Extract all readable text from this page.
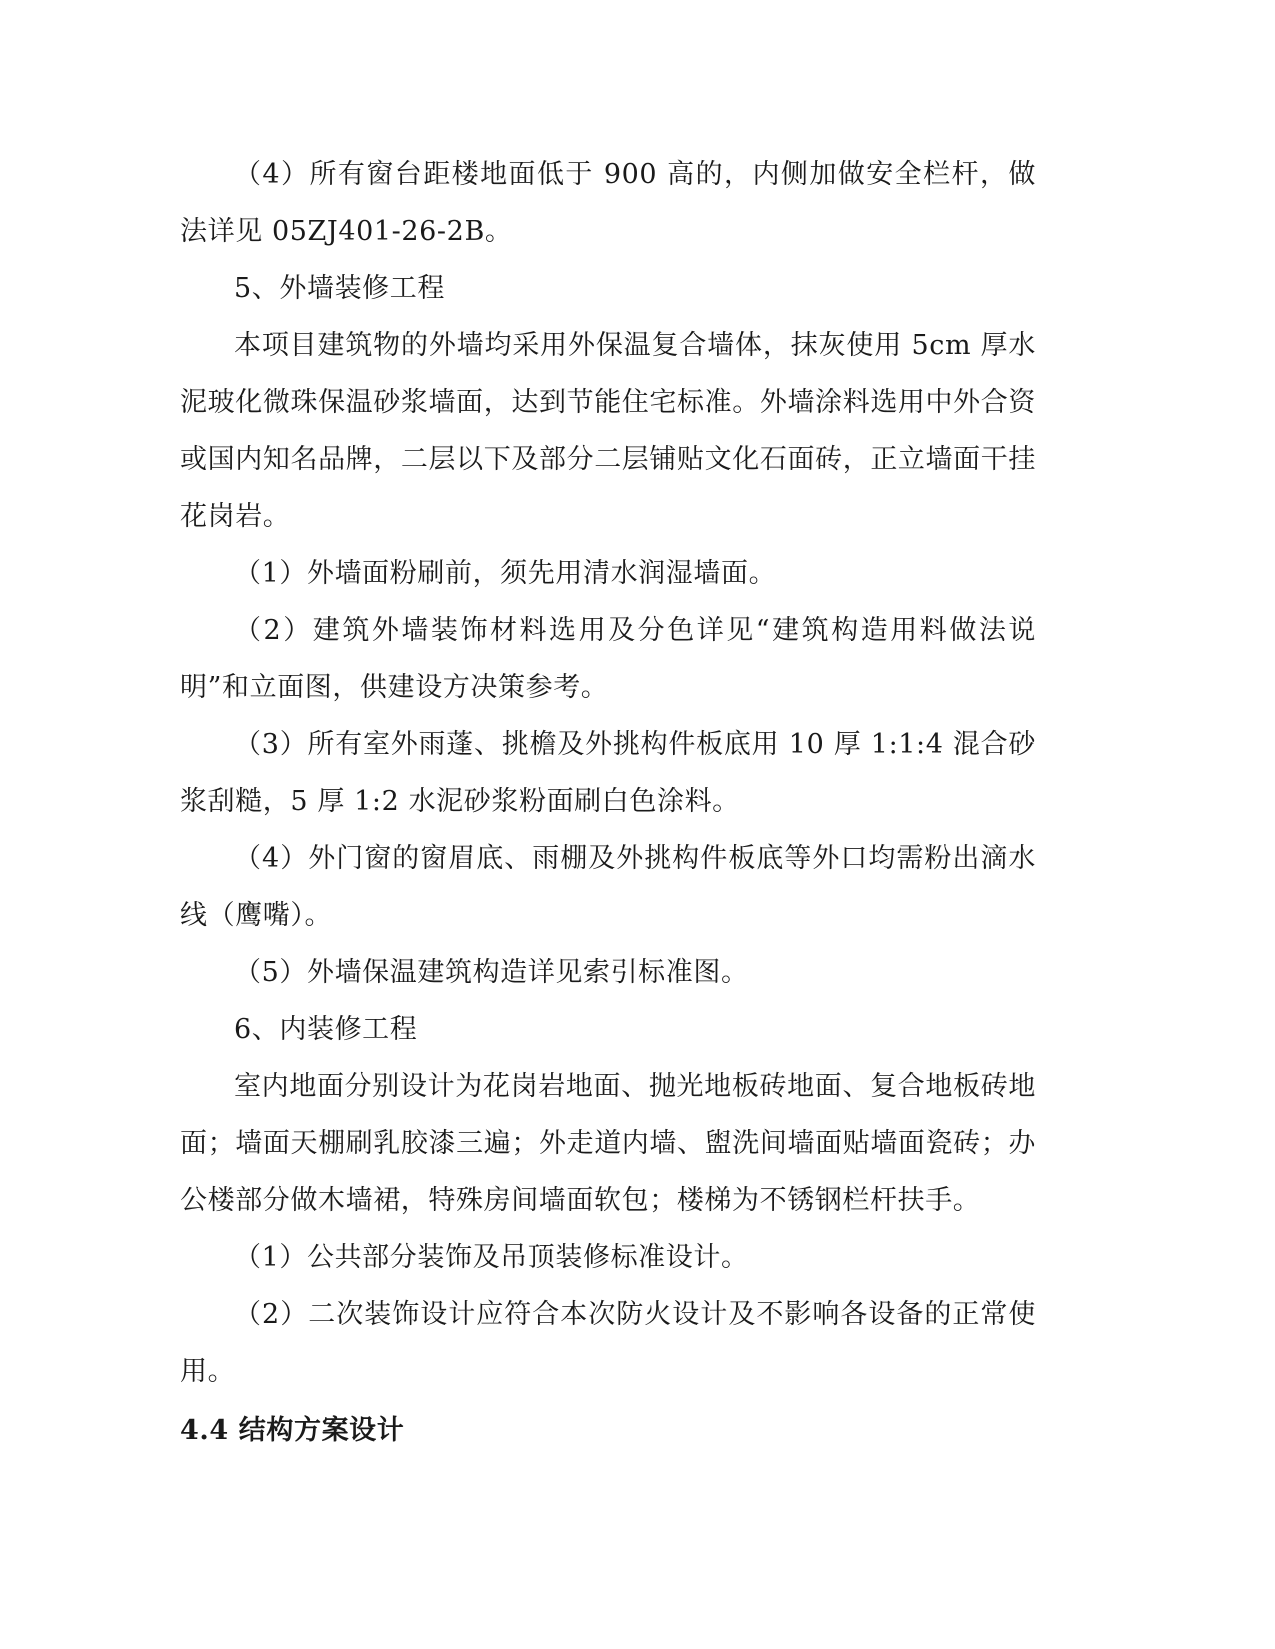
（4）所有窗台距楼地面低于 900 高的，内侧加做安全栏杆，做法详见 05ZJ401-26-2B。

5、外墙装修工程

本项目建筑物的外墙均采用外保温复合墙体，抹灰使用 5cm 厚水泥玻化微珠保温砂浆墙面，达到节能住宅标准。外墙涂料选用中外合资或国内知名品牌，二层以下及部分二层铺贴文化石面砖，正立墙面干挂花岗岩。

（1）外墙面粉刷前，须先用清水润湿墙面。

（2）建筑外墙装饰材料选用及分色详见“建筑构造用料做法说明”和立面图，供建设方决策参考。

（3）所有室外雨蓬、挑檐及外挑构件板底用 10 厚 1:1:4 混合砂浆刮糙，5 厚 1:2 水泥砂浆粉面刷白色涂料。

（4）外门窗的窗眉底、雨棚及外挑构件板底等外口均需粉出滴水线（鹰嘴）。

（5）外墙保温建筑构造详见索引标准图。

6、内装修工程

室内地面分别设计为花岗岩地面、抛光地板砖地面、复合地板砖地面；墙面天棚刷乳胶漆三遍；外走道内墙、盥洗间墙面贴墙面瓷砖；办公楼部分做木墙裙，特殊房间墙面软包；楼梯为不锈钢栏杆扶手。

（1）公共部分装饰及吊顶装修标准设计。

（2）二次装饰设计应符合本次防火设计及不影响各设备的正常使用。

4.4 结构方案设计
